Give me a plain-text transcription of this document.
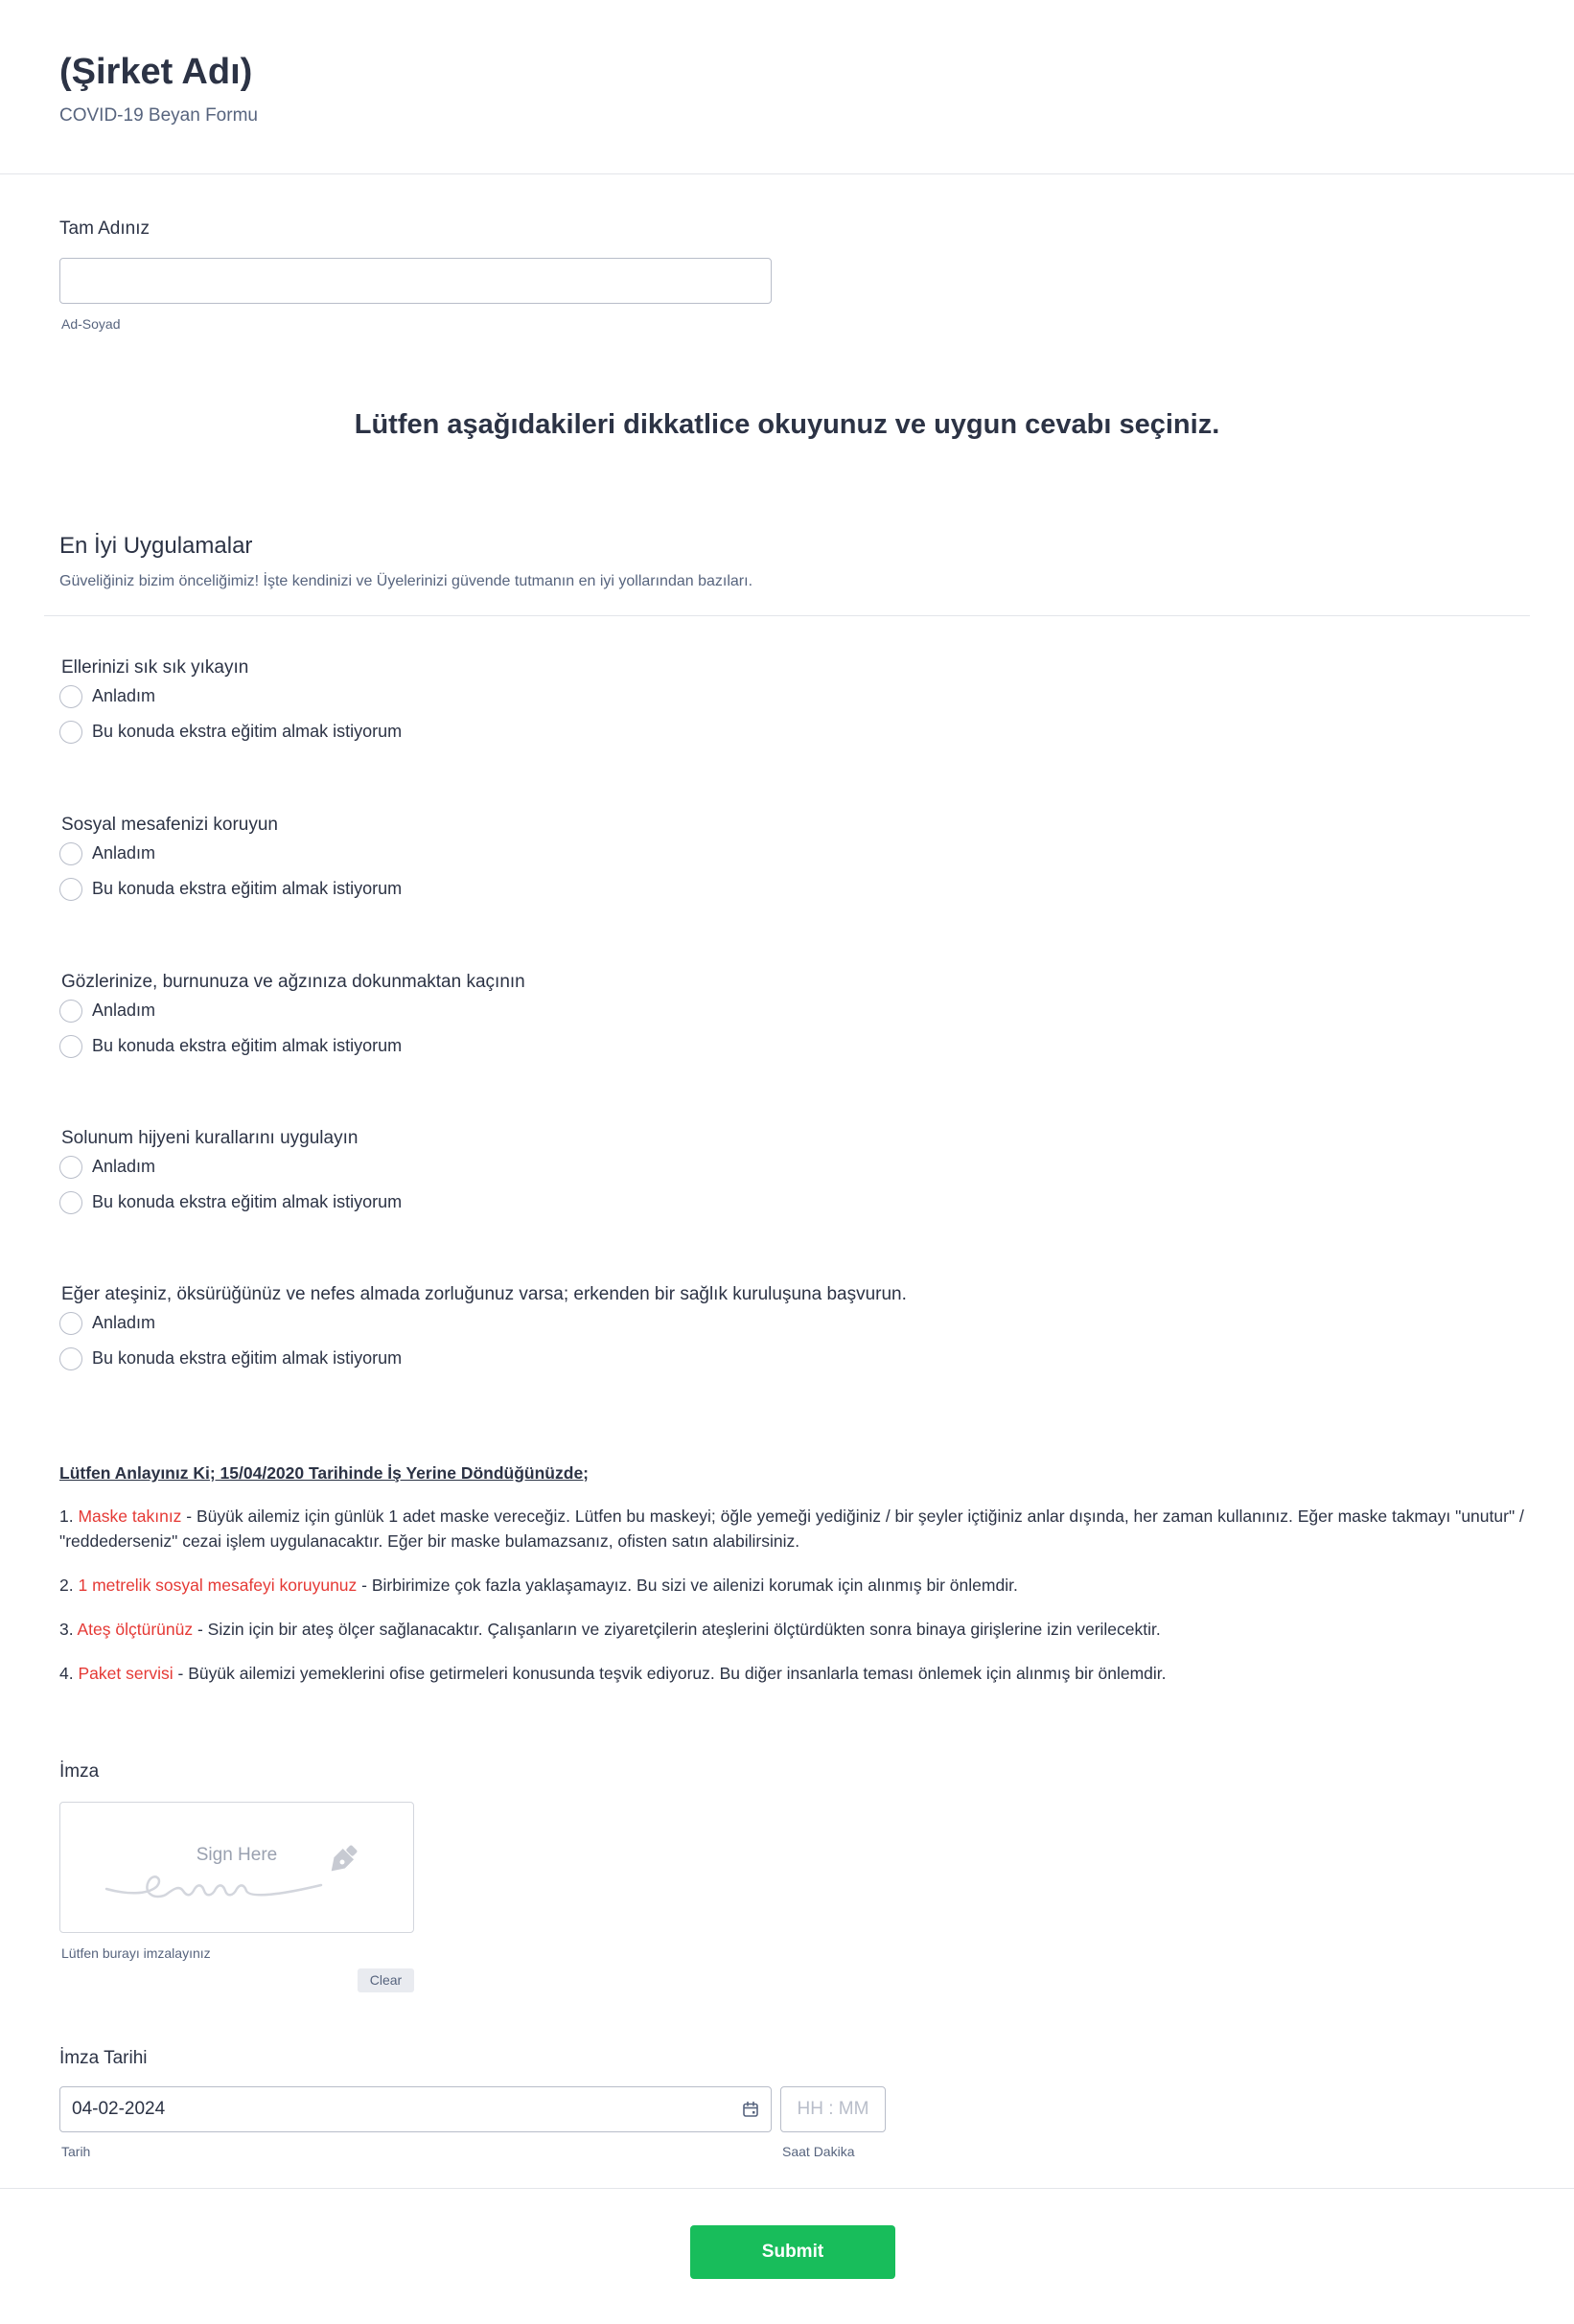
(Şirket Adı)
COVID-19 Beyan Formu
Tam Adınız
Ad-Soyad
Lütfen aşağıdakileri dikkatlice okuyunuz ve uygun cevabı seçiniz.
En İyi Uygulamalar
Güveliğiniz bizim önceliğimiz! İşte kendinizi ve Üyelerinizi güvende tutmanın en iyi yollarından bazıları.
Ellerinizi sık sık yıkayın
Anladım
Bu konuda ekstra eğitim almak istiyorum
Sosyal mesafenizi koruyun
Anladım
Bu konuda ekstra eğitim almak istiyorum
Gözlerinize, burnunuza ve ağzınıza dokunmaktan kaçının
Anladım
Bu konuda ekstra eğitim almak istiyorum
Solunum hijyeni kurallarını uygulayın
Anladım
Bu konuda ekstra eğitim almak istiyorum
Eğer ateşiniz, öksürüğünüz ve nefes almada zorluğunuz varsa; erkenden bir sağlık kuruluşuna başvurun.
Anladım
Bu konuda ekstra eğitim almak istiyorum
Lütfen Anlayınız Ki; 15/04/2020 Tarihinde İş Yerine Döndüğünüzde;

1. Maske takınız - Büyük ailemiz için günlük 1 adet maske vereceğiz. Lütfen bu maskeyi; öğle yemeği yediğiniz / bir şeyler içtiğiniz anlar dışında, her zaman kullanınız. Eğer maske takmayı "unutur" / "reddederseniz" cezai işlem uygulanacaktır. Eğer bir maske bulamazsanız, ofisten satın alabilirsiniz.

2. 1 metrelik sosyal mesafeyi koruyunuz - Birbirimize çok fazla yaklaşamayız. Bu sizi ve ailenizi korumak için alınmış bir önlemdir.

3. Ateş ölçtürünüz - Sizin için bir ateş ölçer sağlanacaktır. Çalışanların ve ziyaretçilerin ateşlerini ölçtürdükten sonra binaya girişlerine izin verilecektir.

4. Paket servisi - Büyük ailemizi yemeklerini ofise getirmeleri konusunda teşvik ediyoruz. Bu diğer insanlarla teması önlemek için alınmış bir önlemdir.

İmza
Sign Here
Lütfen burayı imzalayınız
Clear
İmza Tarihi
04-02-2024	HH : MM
Tarih	Saat Dakika
Submit
